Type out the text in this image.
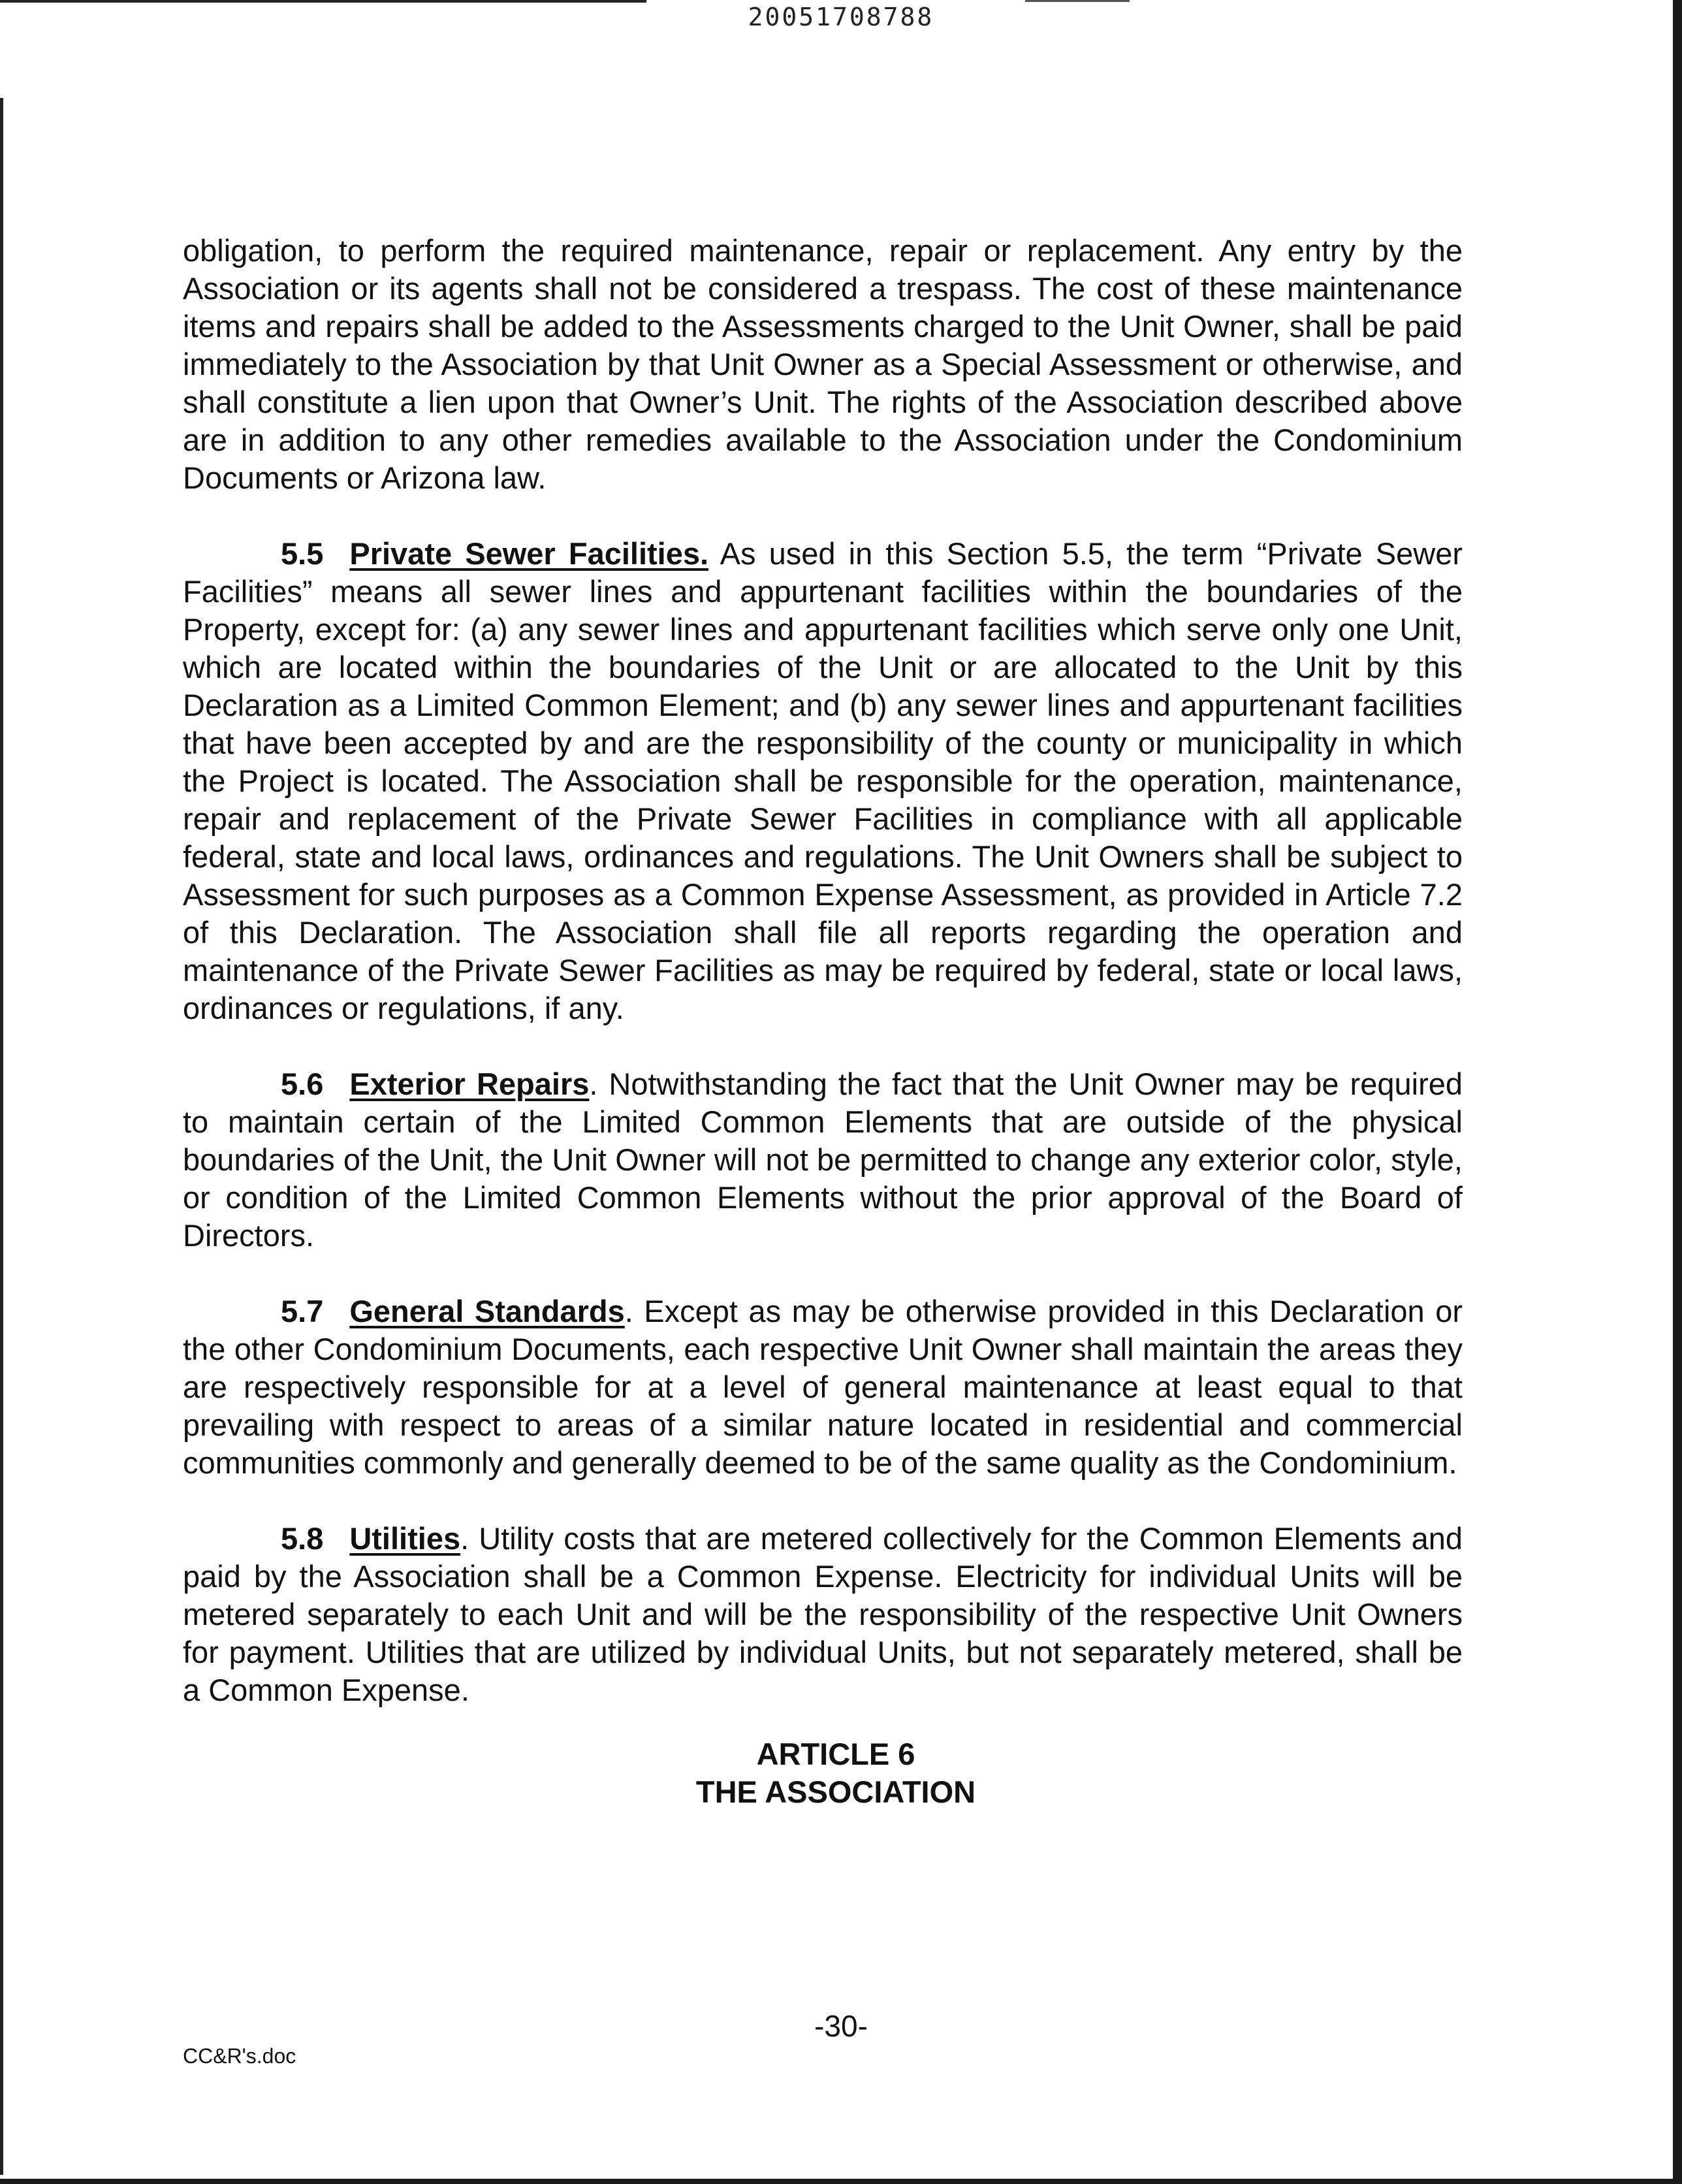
20051708788

obligation, to perform the required maintenance, repair or replacement. Any entry by the Association or its agents shall not be considered a trespass. The cost of these maintenance items and repairs shall be added to the Assessments charged to the Unit Owner, shall be paid immediately to the Association by that Unit Owner as a Special Assessment or otherwise, and shall constitute a lien upon that Owner’s Unit. The rights of the Association described above are in addition to any other remedies available to the Association under the Condominium Documents or Arizona law.

5.5 Private Sewer Facilities. As used in this Section 5.5, the term “Private Sewer Facilities” means all sewer lines and appurtenant facilities within the boundaries of the Property, except for: (a) any sewer lines and appurtenant facilities which serve only one Unit, which are located within the boundaries of the Unit or are allocated to the Unit by this Declaration as a Limited Common Element; and (b) any sewer lines and appurtenant facilities that have been accepted by and are the responsibility of the county or municipality in which the Project is located. The Association shall be responsible for the operation, maintenance, repair and replacement of the Private Sewer Facilities in compliance with all applicable federal, state and local laws, ordinances and regulations. The Unit Owners shall be subject to Assessment for such purposes as a Common Expense Assessment, as provided in Article 7.2 of this Declaration. The Association shall file all reports regarding the operation and maintenance of the Private Sewer Facilities as may be required by federal, state or local laws, ordinances or regulations, if any.

5.6 Exterior Repairs. Notwithstanding the fact that the Unit Owner may be required to maintain certain of the Limited Common Elements that are outside of the physical boundaries of the Unit, the Unit Owner will not be permitted to change any exterior color, style, or condition of the Limited Common Elements without the prior approval of the Board of Directors.

5.7 General Standards. Except as may be otherwise provided in this Declaration or the other Condominium Documents, each respective Unit Owner shall maintain the areas they are respectively responsible for at a level of general maintenance at least equal to that prevailing with respect to areas of a similar nature located in residential and commercial communities commonly and generally deemed to be of the same quality as the Condominium.

5.8 Utilities. Utility costs that are metered collectively for the Common Elements and paid by the Association shall be a Common Expense. Electricity for individual Units will be metered separately to each Unit and will be the responsibility of the respective Unit Owners for payment. Utilities that are utilized by individual Units, but not separately metered, shall be a Common Expense.

ARTICLE 6

THE ASSOCIATION

-30-
CC&R's.doc
